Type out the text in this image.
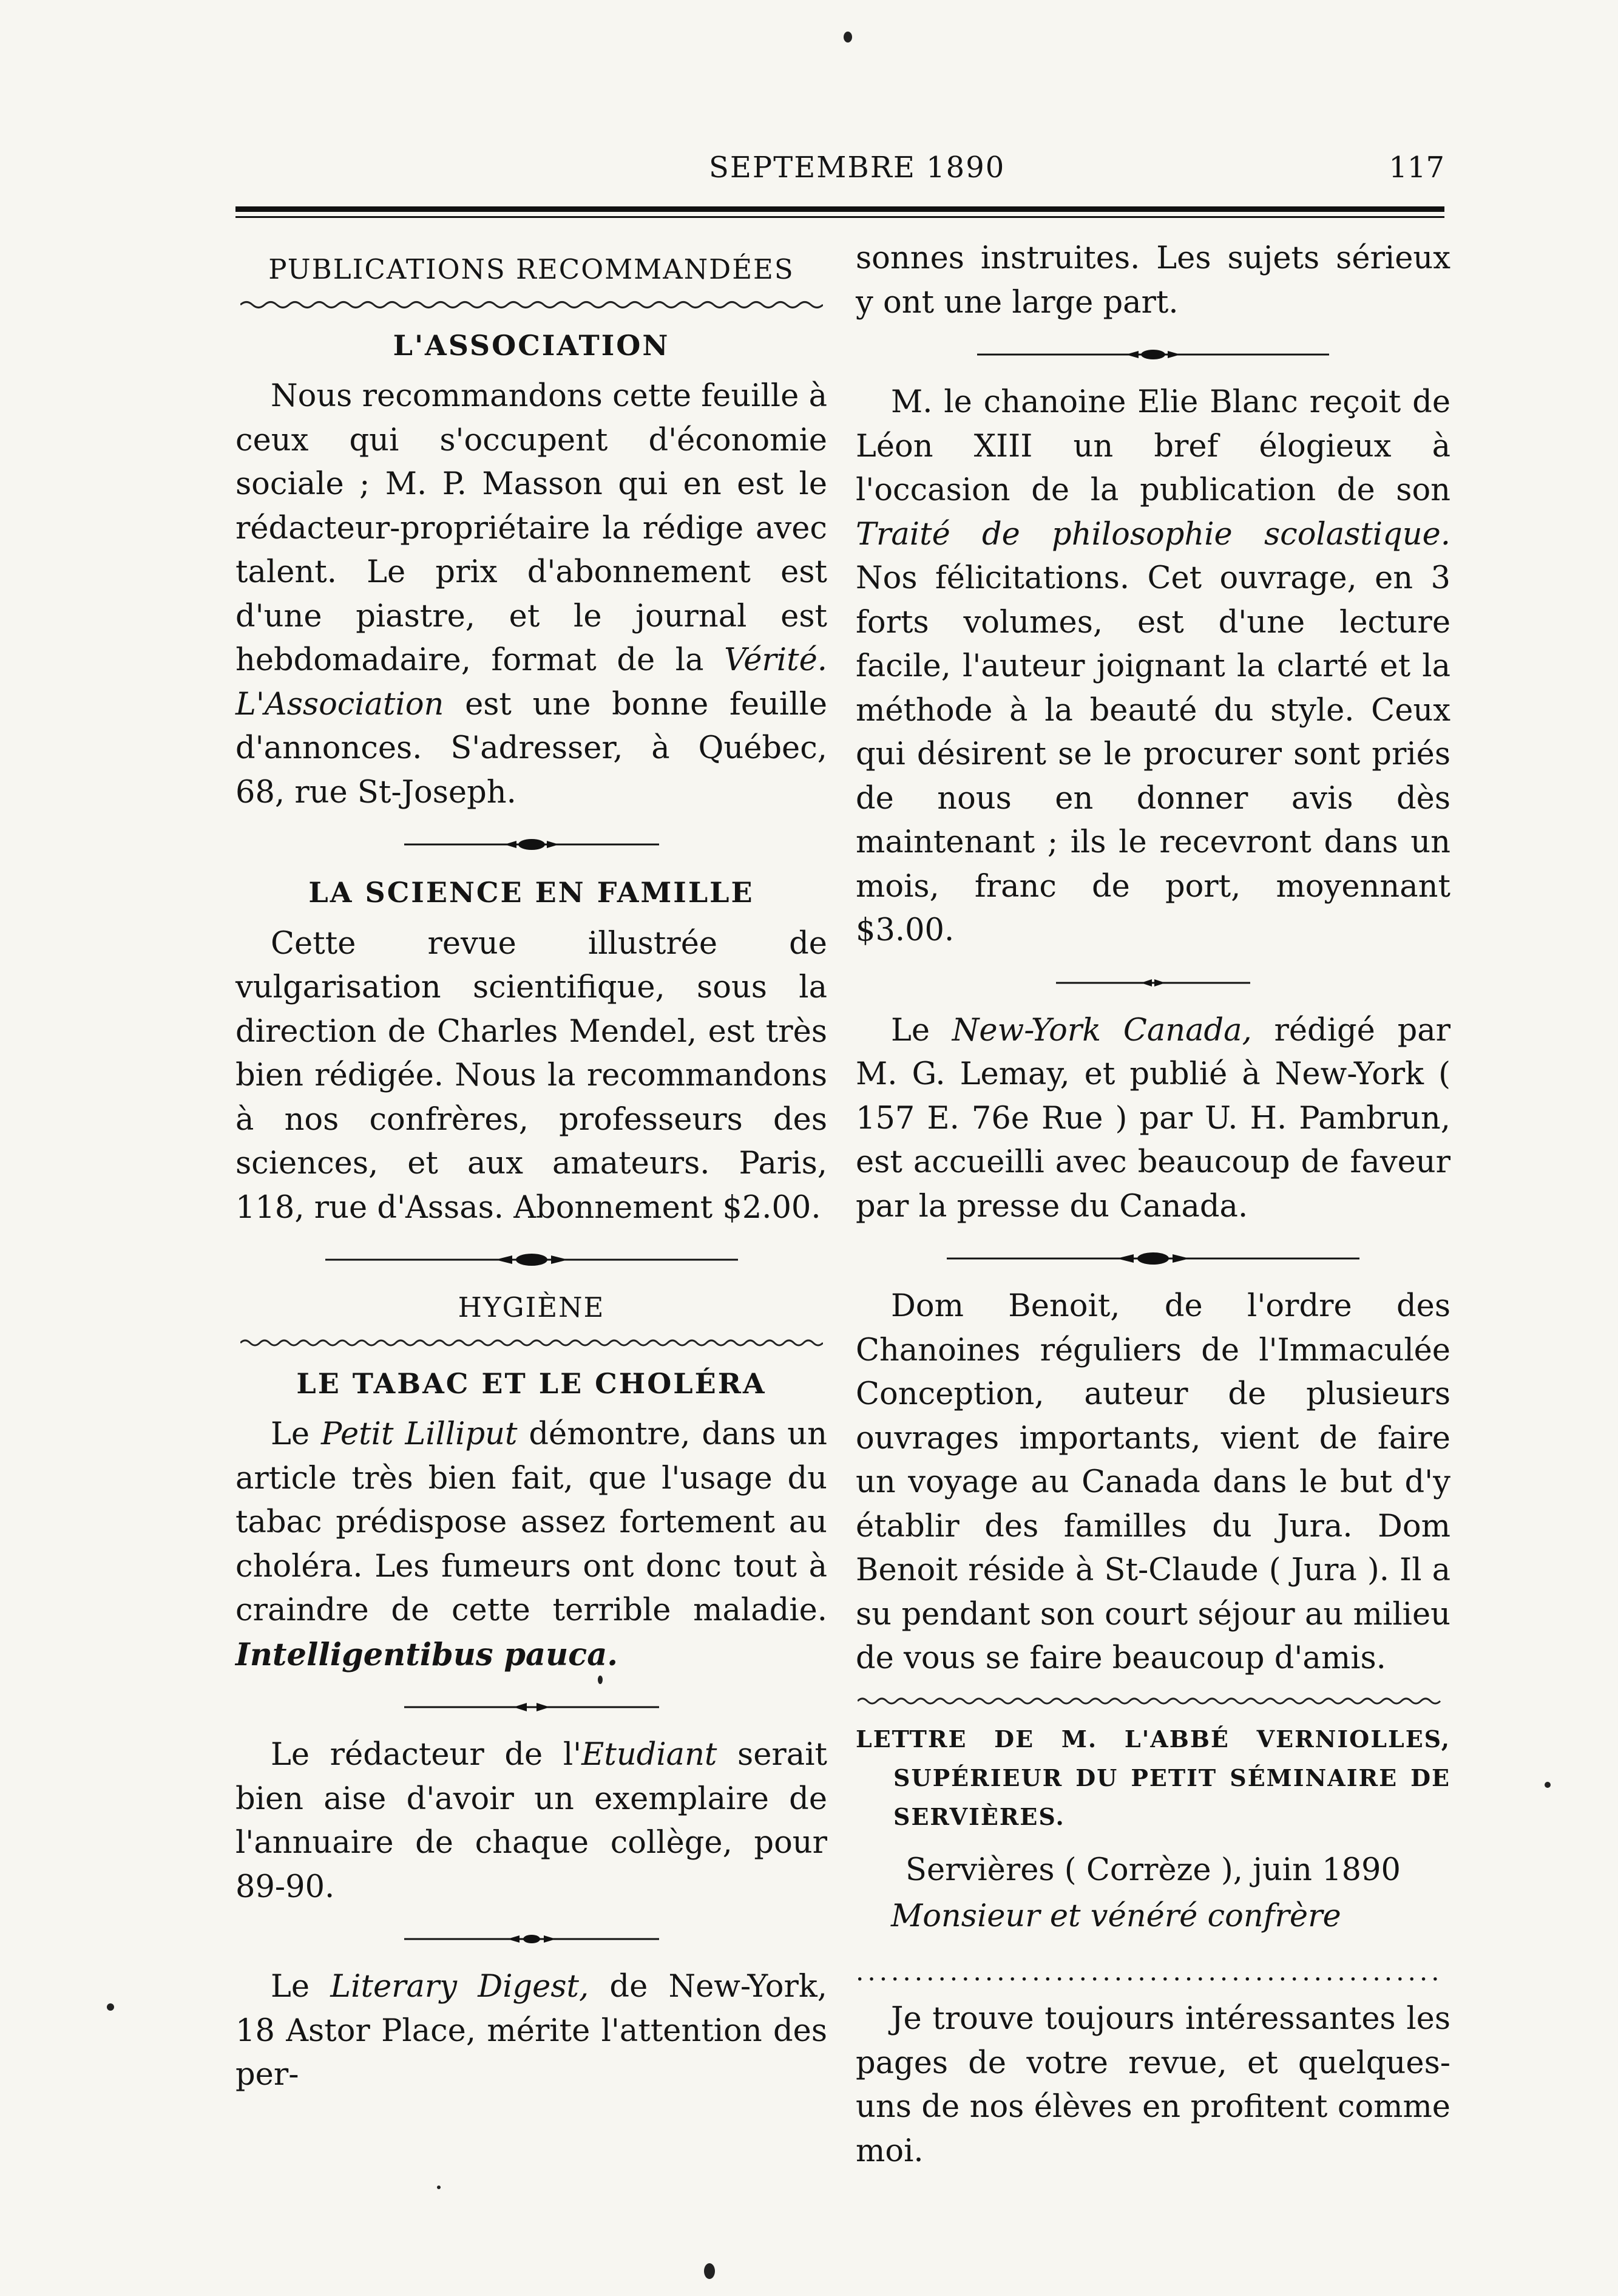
SEPTEMBRE 1890	117
PUBLICATIONS RECOMMANDÉES
L'ASSOCIATION

Nous recommandons cette feuille à ceux qui s'occupent d'économie sociale ; M. P. Masson qui en est le rédacteur-propriétaire la rédige avec talent. Le prix d'abonnement est d'une piastre, et le journal est hebdomadaire, format de la Vérité. L'Association est une bonne feuille d'annonces. S'adresser, à Québec, 68, rue St-Joseph.

LA SCIENCE EN FAMILLE

Cette revue illustrée de vulgarisation scientifique, sous la direction de Charles Mendel, est très bien rédigée. Nous la recommandons à nos confrères, professeurs des sciences, et aux amateurs. Paris, 118, rue d'Assas. Abonnement $2.00.

HYGIÈNE
LE TABAC ET LE CHOLÉRA

Le Petit Lilliput démontre, dans un article très bien fait, que l'usage du tabac prédispose assez fortement au choléra. Les fumeurs ont donc tout à craindre de cette terrible maladie. Intelligentibus pauca.

Le rédacteur de l'Etudiant serait bien aise d'avoir un exemplaire de l'annuaire de chaque collège, pour 89-90.

Le Literary Digest, de New-York, 18 Astor Place, mérite l'attention des per-

sonnes instruites. Les sujets sérieux y ont une large part.

M. le chanoine Elie Blanc reçoit de Léon XIII un bref élogieux à l'occasion de la publication de son Traité de philosophie scolastique. Nos félicitations. Cet ouvrage, en 3 forts volumes, est d'une lecture facile, l'auteur joignant la clarté et la méthode à la beauté du style. Ceux qui désirent se le procurer sont priés de nous en donner avis dès maintenant ; ils le recevront dans un mois, franc de port, moyennant $3.00.

Le New-York Canada, rédigé par M. G. Lemay, et publié à New-York ( 157 E. 76e Rue ) par U. H. Pambrun, est accueilli avec beaucoup de faveur par la presse du Canada.

Dom Benoit, de l'ordre des Chanoines réguliers de l'Immaculée Conception, auteur de plusieurs ouvrages importants, vient de faire un voyage au Canada dans le but d'y établir des familles du Jura. Dom Benoit réside à St-Claude ( Jura ). Il a su pendant son court séjour au milieu de vous se faire beaucoup d'amis.

LETTRE DE M. L'ABBÉ VERNIOLLES, SUPÉRIEUR DU PETIT SÉMINAIRE DE SERVIÈRES.

Servières ( Corrèze ), juin 1890

Monsieur et vénéré confrère

..................................................

Je trouve toujours intéressantes les pages de votre revue, et quelques-uns de nos élèves en profitent comme moi.
